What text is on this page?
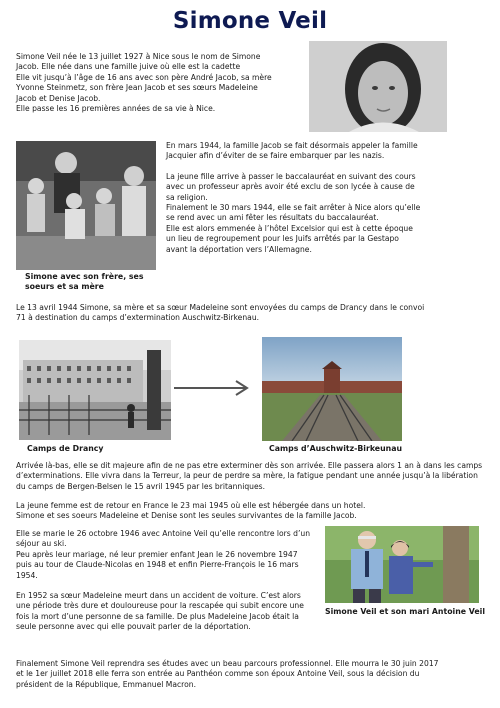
Simone Veil

Simone Veil née le 13 juillet 1927 à Nice sous le nom de Simone Jacob. Elle née dans une famille juive où elle est la cadette

Elle vit jusqu’à l’âge de 16 ans avec son père André Jacob, sa mère Yvonne Steinmetz, son frère Jean Jacob et ses sœurs Madeleine Jacob et Denise Jacob.

Elle passe les 16 premières années de sa vie à Nice.

Simone avec son frère, ses soeurs et sa mère

En mars 1944, la famille Jacob se fait désormais appeler la famille Jacquier afin d’éviter de se faire embarquer par les nazis.

La jeune fille arrive à passer le baccalauréat en suivant des cours avec un professeur après avoir été exclu de son lycée à cause de sa religion.

Finalement le 30 mars 1944, elle se fait arrêter à Nice alors qu’elle se rend avec un ami fêter les résultats du baccalauréat.

Elle est alors emmenée à l’hôtel Excelsior qui est à cette époque un lieu de regroupement pour les Juifs arrêtés par la Gestapo avant la déportation vers l’Allemagne.

Le 13 avril 1944 Simone, sa mère et sa sœur Madeleine sont envoyées du camps de Drancy dans le convoi 71 à destination du camps d’extermination Auschwitz-Birkenau.

Camps de Drancy	Camps d’Auschwitz-Birkeunau

Arrivée là-bas, elle se dit majeure afin de ne pas etre exterminer dès son arrivée. Elle passera alors 1 an à dans les camps d’exterminations. Elle vivra dans la Terreur, la peur de perdre sa mère, la fatigue pendant une année jusqu’à la libération du camps de Bergen-Belsen le 15 avril 1945 par les britanniques.

La jeune femme est de retour en France le 23 mai 1945 où elle est hébergée dans un hotel.

Simone et ses soeurs Madeleine et Denise sont les seules survivantes de la famille Jacob.

Elle se marie le 26 octobre 1946 avec Antoine Veil qu’elle rencontre lors d’un séjour au ski.

Peu après leur mariage, né leur premier enfant Jean le 26 novembre 1947 puis au tour de Claude-Nicolas en 1948 et enfin Pierre-François le 16 mars 1954.

En 1952 sa sœur Madeleine meurt dans un accident de voiture. C’est alors une période très dure et douloureuse pour la rescapée qui subit encore une fois la mort d’une personne de sa famille. De plus Madeleine Jacob était la seule personne avec qui elle pouvait parler de la déportation.

Simone Veil et son mari Antoine Veil

Finalement Simone Veil reprendra ses études avec un beau parcours professionnel. Elle mourra le 30 juin 2017 et le 1er juillet 2018 elle ferra son entrée au Panthéon comme son époux Antoine Veil, sous la décision du président de la République, Emmanuel Macron.
